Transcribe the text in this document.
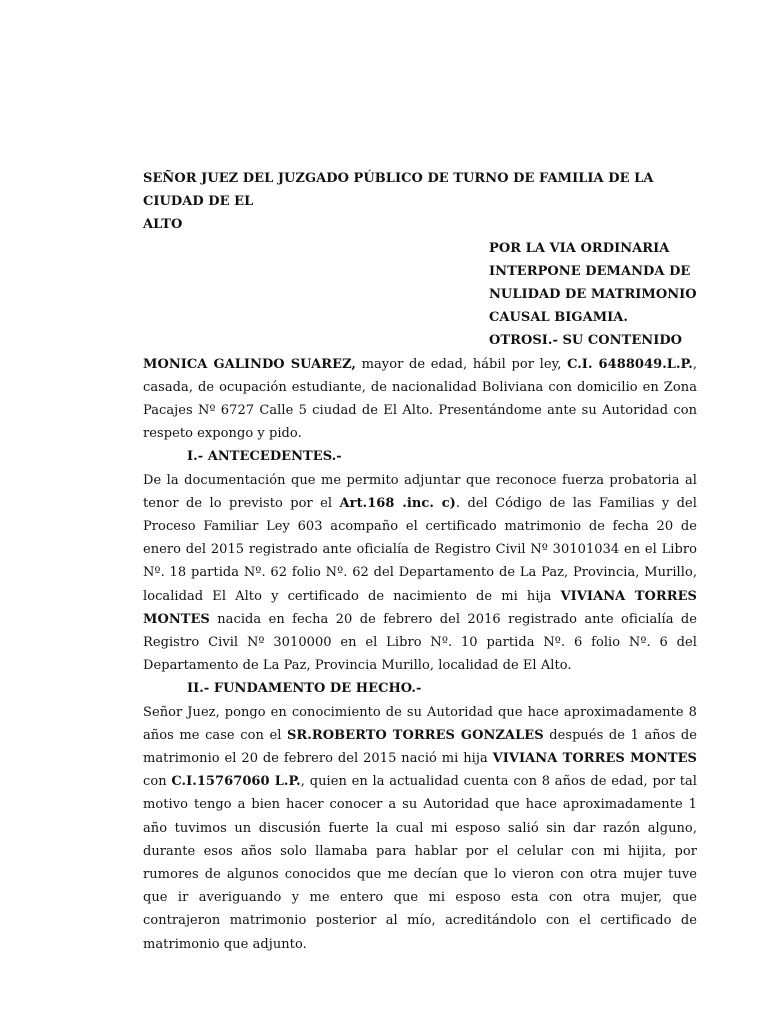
SEÑOR JUEZ DEL JUZGADO PÚBLICO DE TURNO DE FAMILIA DE LA CIUDAD DE EL
ALTO

POR LA VIA ORDINARIA
INTERPONE DEMANDA DE
NULIDAD DE MATRIMONIO
CAUSAL BIGAMIA.
OTROSI.- SU CONTENIDO

MONICA GALINDO SUAREZ, mayor de edad, hábil por ley, C.I. 6488049.L.P., casada, de ocupación estudiante, de nacionalidad Boliviana con domicilio en Zona Pacajes Nº 6727 Calle 5 ciudad de El Alto. Presentándome ante su Autoridad con respeto expongo y pido.

I.- ANTECEDENTES.-

De la documentación que me permito adjuntar que reconoce fuerza probatoria al tenor de lo previsto por el Art.168 .inc. c). del Código de las Familias y del Proceso Familiar Ley 603 acompaño el certificado matrimonio de fecha 20 de enero del 2015 registrado ante oficialía de Registro Civil Nº 30101034 en el Libro Nº. 18 partida Nº. 62 folio Nº. 62 del Departamento de La Paz, Provincia, Murillo, localidad El Alto y certificado de nacimiento de mi hija VIVIANA TORRES MONTES nacida en fecha 20 de febrero del 2016 registrado ante oficialía de Registro Civil Nº 3010000 en el Libro Nº. 10 partida Nº. 6 folio Nº. 6 del Departamento de La Paz, Provincia Murillo, localidad de El Alto.

II.- FUNDAMENTO DE HECHO.-

Señor Juez, pongo en conocimiento de su Autoridad que hace aproximadamente 8 años me case con el SR.ROBERTO TORRES GONZALES después de 1 años de matrimonio el 20 de febrero del 2015 nació mi hija VIVIANA TORRES MONTES con C.I.15767060 L.P., quien en la actualidad cuenta con 8 años de edad, por tal motivo tengo a bien hacer conocer a su Autoridad que hace aproximadamente 1 año tuvimos un discusión fuerte la cual mi esposo salió sin dar razón alguno, durante esos años solo llamaba para hablar por el celular con mi hijita, por rumores de algunos conocidos que me decían que lo vieron con otra mujer tuve que ir averiguando y me entero que mi esposo esta con otra mujer, que contrajeron matrimonio posterior al mío, acreditándolo con el certificado de matrimonio que adjunto.
